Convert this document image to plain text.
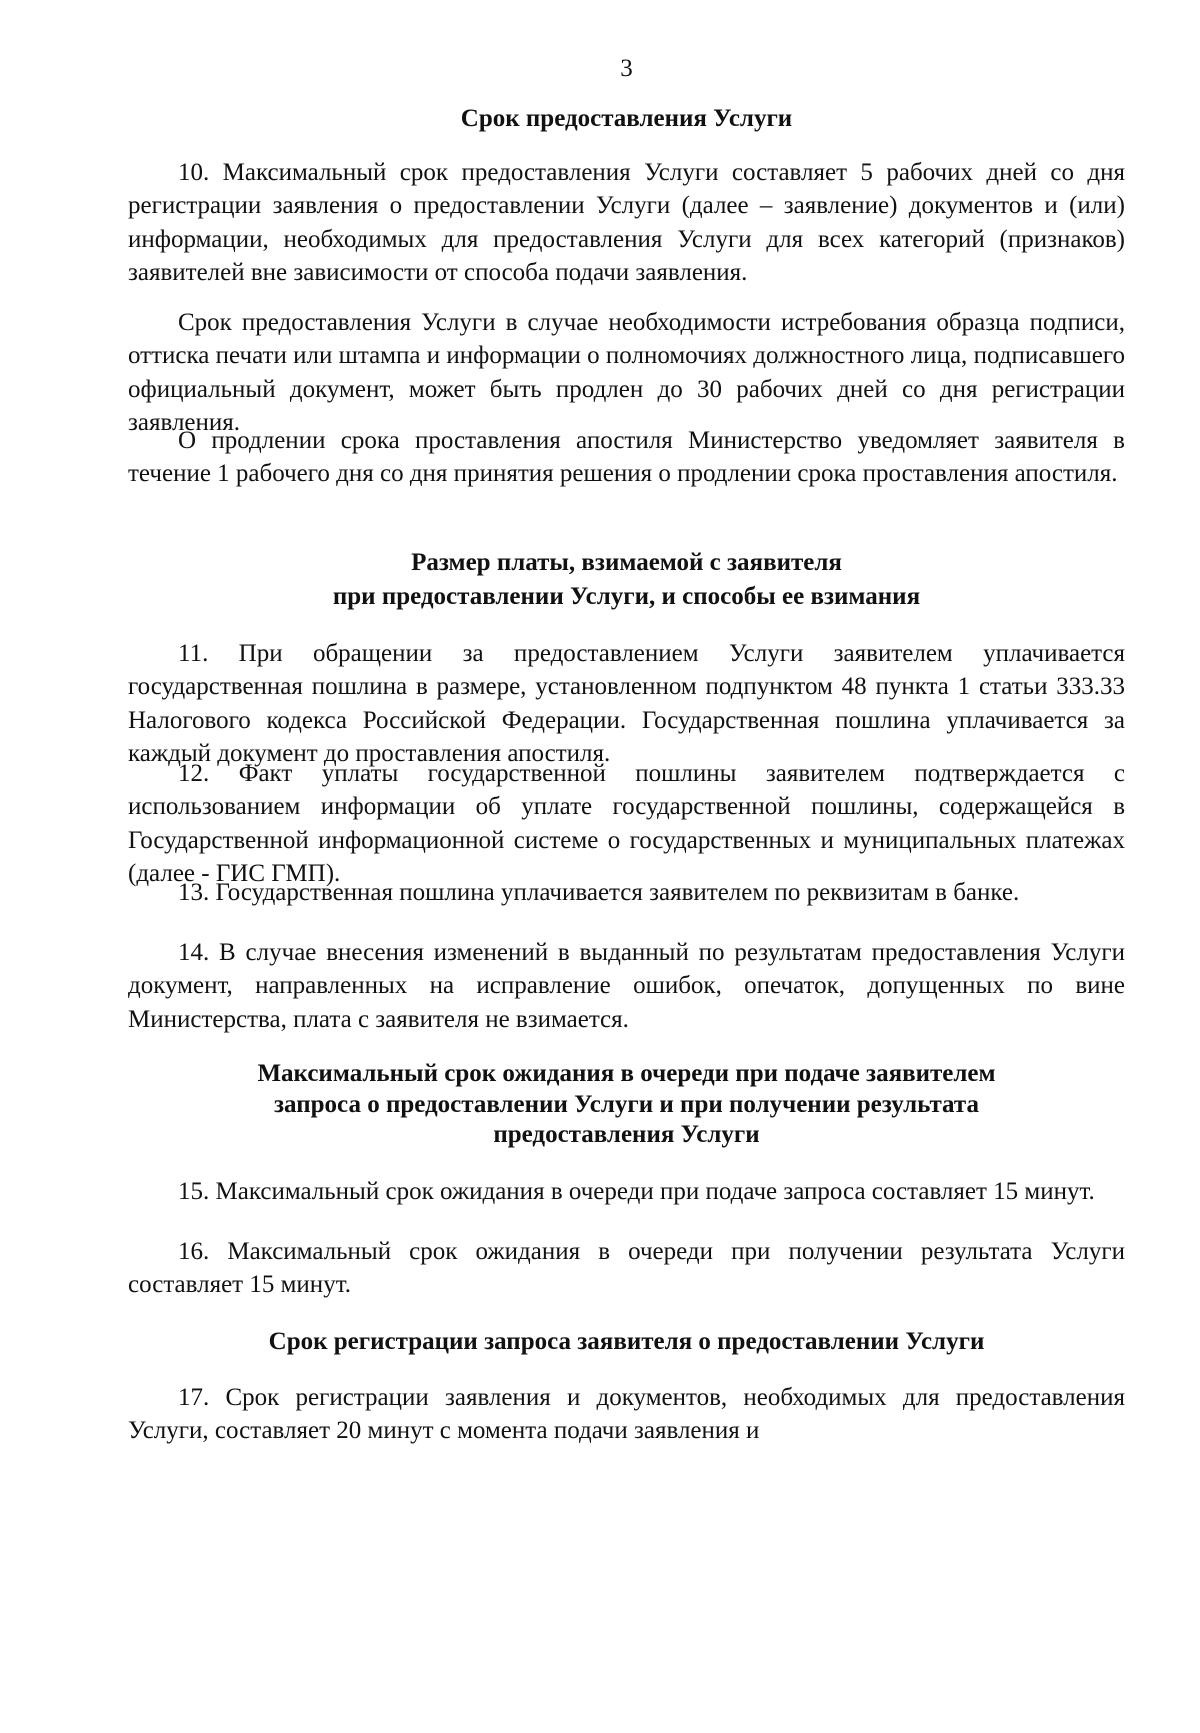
3
Срок предоставления Услуги

10. Максимальный срок предоставления Услуги составляет 5 рабочих дней со дня регистрации заявления о предоставлении Услуги (далее – заявление) документов и (или) информации, необходимых для предоставления Услуги для всех категорий (признаков) заявителей вне зависимости от способа подачи заявления.

Срок предоставления Услуги в случае необходимости истребования образца подписи, оттиска печати или штампа и информации о полномочиях должностного лица, подписавшего официальный документ, может быть продлен до 30 рабочих дней со дня регистрации заявления.

О продлении срока проставления апостиля Министерство уведомляет заявителя в течение 1 рабочего дня со дня принятия решения о продлении срока проставления апостиля.

Размер платы, взимаемой с заявителя
при предоставлении Услуги, и способы ее взимания

11. При обращении за предоставлением Услуги заявителем уплачивается государственная пошлина в размере, установленном подпунктом 48 пункта 1 статьи 333.33 Налогового кодекса Российской Федерации. Государственная пошлина уплачивается за каждый документ до проставления апостиля.

12. Факт уплаты государственной пошлины заявителем подтверждается с использованием информации об уплате государственной пошлины, содержащейся в Государственной информационной системе о государственных и муниципальных платежах (далее - ГИС ГМП).

13. Государственная пошлина уплачивается заявителем по реквизитам в банке.

14. В случае внесения изменений в выданный по результатам предоставления Услуги документ, направленных на исправление ошибок, опечаток, допущенных по вине Министерства, плата с заявителя не взимается.

Максимальный срок ожидания в очереди при подаче заявителем
запроса о предоставлении Услуги и при получении результата
предоставления Услуги

15. Максимальный срок ожидания в очереди при подаче запроса составляет 15 минут.

16. Максимальный срок ожидания в очереди при получении результата Услуги составляет 15 минут.

Срок регистрации запроса заявителя о предоставлении Услуги

17. Срок регистрации заявления и документов, необходимых для предоставления Услуги, составляет 20 минут с момента подачи заявления и
